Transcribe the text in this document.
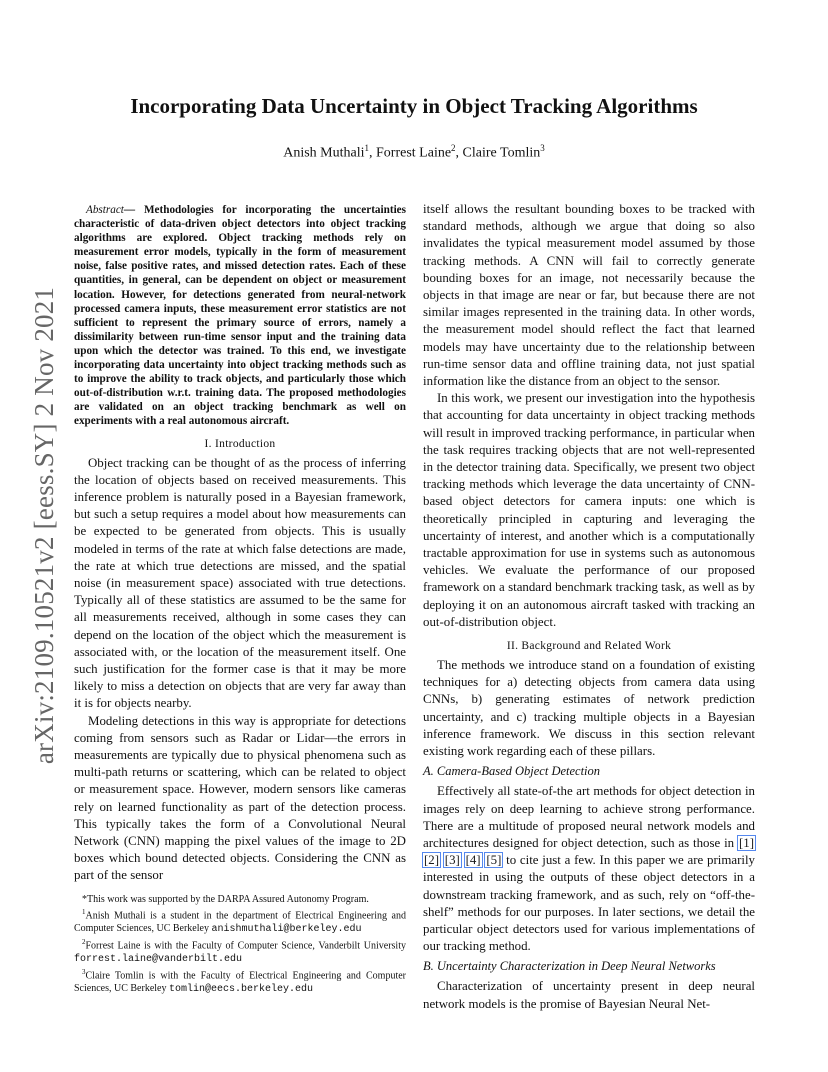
arXiv:2109.10521v2 [eess.SY] 2 Nov 2021
Incorporating Data Uncertainty in Object Tracking Algorithms
Anish Muthali$^1$, Forrest Laine$^2$, Claire Tomlin$^3$

Abstract— Methodologies for incorporating the uncertainties characteristic of data-driven object detectors into object tracking algorithms are explored. Object tracking methods rely on measurement error models, typically in the form of measurement noise, false positive rates, and missed detection rates. Each of these quantities, in general, can be dependent on object or measurement location. However, for detections generated from neural-network processed camera inputs, these measurement error statistics are not sufficient to represent the primary source of errors, namely a dissimilarity between run-time sensor input and the training data upon which the detector was trained. To this end, we investigate incorporating data uncertainty into object tracking methods such as to improve the ability to track objects, and particularly those which out-of-distribution w.r.t. training data. The proposed methodologies are validated on an object tracking benchmark as well on experiments with a real autonomous aircraft.

I. Introduction

Object tracking can be thought of as the process of inferring the location of objects based on received measurements. This inference problem is naturally posed in a Bayesian framework, but such a setup requires a model about how measurements can be expected to be generated from objects. This is usually modeled in terms of the rate at which false detections are made, the rate at which true detections are missed, and the spatial noise (in measurement space) associated with true detections. Typically all of these statistics are assumed to be the same for all measurements received, although in some cases they can depend on the location of the object which the measurement is associated with, or the location of the measurement itself. One such justification for the former case is that it may be more likely to miss a detection on objects that are very far away than it is for objects nearby.

Modeling detections in this way is appropriate for detections coming from sensors such as Radar or Lidar—the errors in measurements are typically due to physical phenomena such as multi-path returns or scattering, which can be related to object or measurement space. However, modern sensors like cameras rely on learned functionality as part of the detection process. This typically takes the form of a Convolutional Neural Network (CNN) mapping the pixel values of the image to 2D boxes which bound detected objects. Considering the CNN as part of the sensor

itself allows the resultant bounding boxes to be tracked with standard methods, although we argue that doing so also invalidates the typical measurement model assumed by those tracking methods. A CNN will fail to correctly generate bounding boxes for an image, not necessarily because the objects in that image are near or far, but because there are not similar images represented in the training data. In other words, the measurement model should reflect the fact that learned models may have uncertainty due to the relationship between run-time sensor data and offline training data, not just spatial information like the distance from an object to the sensor.

In this work, we present our investigation into the hypothesis that accounting for data uncertainty in object tracking methods will result in improved tracking performance, in particular when the task requires tracking objects that are not well-represented in the detector training data. Specifically, we present two object tracking methods which leverage the data uncertainty of CNN-based object detectors for camera inputs: one which is theoretically principled in capturing and leveraging the uncertainty of interest, and another which is a computationally tractable approximation for use in systems such as autonomous vehicles. We evaluate the performance of our proposed framework on a standard benchmark tracking task, as well as by deploying it on an autonomous aircraft tasked with tracking an out-of-distribution object.

II. Background and Related Work

The methods we introduce stand on a foundation of existing techniques for a) detecting objects from camera data using CNNs, b) generating estimates of network prediction uncertainty, and c) tracking multiple objects in a Bayesian inference framework. We discuss in this section relevant existing work regarding each of these pillars.

A. Camera-Based Object Detection

Effectively all state-of-the art methods for object detection in images rely on deep learning to achieve strong performance. There are a multitude of proposed neural network models and architectures designed for object detection, such as those in [1] [2] [3] [4] [5] to cite just a few. In this paper we are primarily interested in using the outputs of these object detectors in a downstream tracking framework, and as such, rely on “off-the-shelf” methods for our purposes. In later sections, we detail the particular object detectors used for various implementations of our tracking method.

B. Uncertainty Characterization in Deep Neural Networks

Characterization of uncertainty present in deep neural network models is the promise of Bayesian Neural Net-

*This work was supported by the DARPA Assured Autonomy Program.
$^1$Anish Muthali is a student in the department of Electrical Engineering and Computer Sciences, UC Berkeley anishmuthali@berkeley.edu
$^2$Forrest Laine is with the Faculty of Computer Science, Vanderbilt University forrest.laine@vanderbilt.edu
$^3$Claire Tomlin is with the Faculty of Electrical Engineering and Computer Sciences, UC Berkeley tomlin@eecs.berkeley.edu
